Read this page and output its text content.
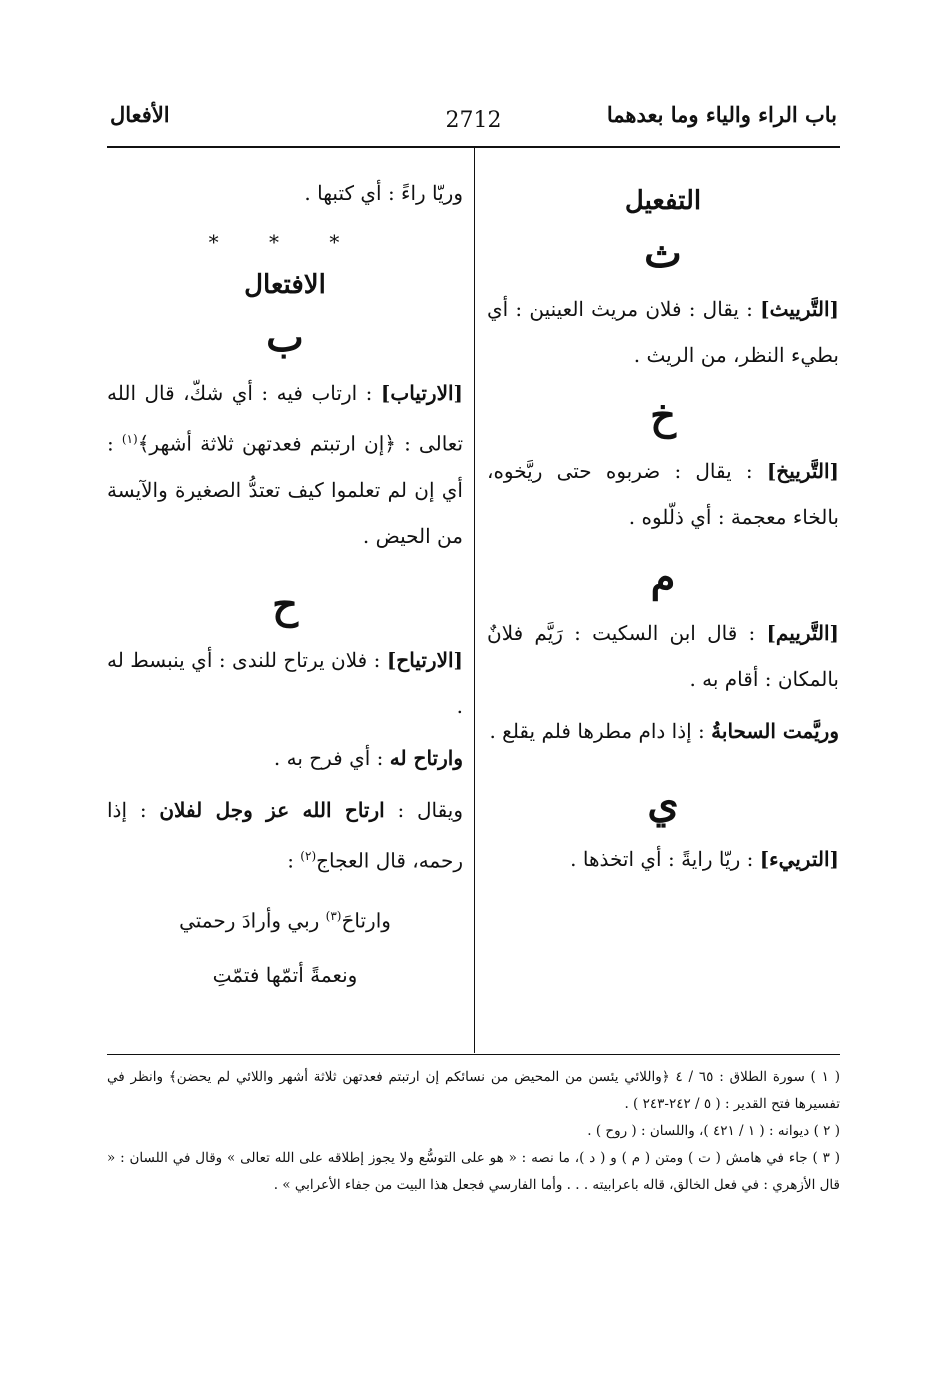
باب الراء والياء وما بعدهما
2712
الأفعال
التفعيل
ث

[التَّرييث] : يقال : فلان مريث العينين : أي بطيء النظر، من الريث .

خ

[التَّرييخ] : يقال : ضربوه حتى ريَّخوه، بالخاء معجمة : أي ذلّلوه .

م

[التَّرييم] : قال ابن السكيت : رَيَّم فلانٌ بالمكان : أقام به .

وريَّمت السحابةُ : إذا دام مطرها فلم يقلع .

ي

[الترييء] : ريّا رايةً : أي اتخذها .

وريّا راءً : أي كتبها .

* * *
الافتعال
ب

[الارتياب] : ارتاب فيه : أي شكّ، قال الله تعالى : ﴿إن ارتبتم فعدتهن ثلاثة أشهر﴾$^{(١)}$ : أي إن لم تعلموا كيف تعتدُّ الصغيرة والآيسة من الحيض .

ح

[الارتياح] : فلان يرتاح للندى : أي ينبسط له .

وارتاح له : أي فرح به .

ويقال : ارتاح الله عز وجل لفلان : إذا رحمه، قال العجاج$^{(٢)}$ :

وارتاحَ$^{(٣)}$ ربي وأرادَ رحمتي
ونعمةً أتمّها فتمّتِ

( ١ ) سورة الطلاق : ٦٥ / ٤ ﴿واللائي يئسن من المحيض من نسائكم إن ارتبتم فعدتهن ثلاثة أشهر واللائي لم يحضن﴾ وانظر في تفسيرها فتح القدير : ( ٥ / ٢٤٢-٢٤٣ ) .

( ٢ ) ديوانه : ( ١ / ٤٢١ )، واللسان : ( روح ) .

( ٣ ) جاء في هامش ( ت ) ومتن ( م ) و ( د )، ما نصه : « هو على التوسُّع ولا يجوز إطلاقه على الله تعالى » وقال في اللسان : « قال الأزهري : في فعل الخالق، قاله باعرابيته . . . وأما الفارسي فجعل هذا البيت من جفاء الأعرابي » .
